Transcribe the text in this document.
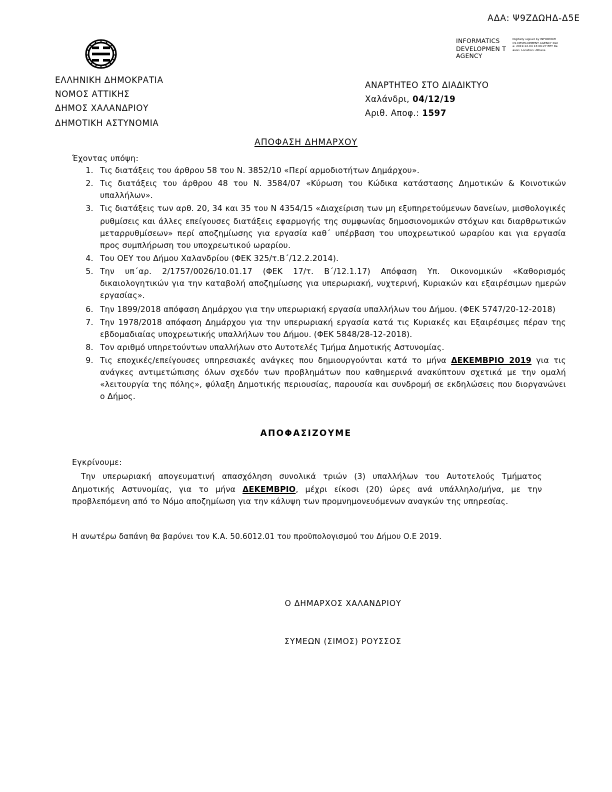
ΑΔΑ: Ψ9ΖΔΩΗΔ-Δ5Ε
INFORMATICS DEVELOPMEN T AGENCY
Digitally signed by INFORMATICS DEVELOPMENT AGENCY Date: 2019.12.04 13:06:27 EET Reason: Location: Athens
ΕΛΛΗΝΙΚΗ ΔΗΜΟΚΡΑΤΙΑ
ΝΟΜΟΣ ΑΤΤΙΚΗΣ
ΔΗΜΟΣ ΧΑΛΑΝΔΡΙΟΥ
ΔΗΜΟΤΙΚΗ ΑΣΤΥΝΟΜΙΑ
ΑΝΑΡΤΗΤΕΟ ΣΤΟ ΔΙΑΔΙΚΤΥΟ
Χαλάνδρι, 04/12/19
Αριθ. Αποφ.: 1597
ΑΠΟΦΑΣΗ ΔΗΜΑΡΧΟΥ
Έχοντας υπόψη:
1. Τις διατάξεις του άρθρου 58 του Ν. 3852/10 «Περί αρμοδιοτήτων Δημάρχου».
2. Τις διατάξεις του άρθρου 48 του Ν. 3584/07 «Κύρωση του Κώδικα κατάστασης Δημοτικών & Κοινοτικών υπαλλήλων».
3. Τις διατάξεις των αρθ. 20, 34 και 35 του Ν 4354/15 «Διαχείριση των μη εξυπηρετούμενων δανείων, μισθολογικές ρυθμίσεις και άλλες επείγουσες διατάξεις εφαρμογής της συμφωνίας δημοσιονομικών στόχων και διαρθρωτικών μεταρρυθμίσεων» περί αποζημίωσης για εργασία καθ΄ υπέρβαση του υποχρεωτικού ωραρίου και για εργασία προς συμπλήρωση του υποχρεωτικού ωραρίου.
4. Του ΟΕΥ του Δήμου Χαλανδρίου (ΦΕΚ 325/τ.Β΄/12.2.2014).
5. Την υπ΄αρ. 2/1757/0026/10.01.17 (ΦΕΚ 17/τ. Β΄/12.1.17) Απόφαση Υπ. Οικονομικών «Καθορισμός δικαιολογητικών για την καταβολή αποζημίωσης για υπερωριακή, νυχτερινή, Κυριακών και εξαιρέσιμων ημερών εργασίας».
6. Την 1899/2018 απόφαση Δημάρχου για την υπερωριακή εργασία υπαλλήλων του Δήμου. (ΦΕΚ 5747/20-12-2018)
7. Την 1978/2018 απόφαση Δημάρχου για την υπερωριακή εργασία κατά τις Κυριακές και Εξαιρέσιμες πέραν της εβδομαδιαίας υποχρεωτικής υπαλλήλων του Δήμου. (ΦΕΚ 5848/28-12-2018).
8. Τον αριθμό υπηρετούντων υπαλλήλων στο Αυτοτελές Τμήμα Δημοτικής Αστυνομίας.
9. Τις εποχικές/επείγουσες υπηρεσιακές ανάγκες που δημιουργούνται κατά το μήνα ΔΕΚΕΜΒΡΙΟ 2019 για τις ανάγκες αντιμετώπισης όλων σχεδόν των προβλημάτων που καθημερινά ανακύπτουν σχετικά με την ομαλή «λειτουργία της πόλης», φύλαξη Δημοτικής περιουσίας, παρουσία και συνδρομή σε εκδηλώσεις που διοργανώνει ο Δήμος.
ΑΠΟΦΑΣΙΖΟΥΜΕ
Εγκρίνουμε:
Την υπερωριακή απογευματινή απασχόληση συνολικά τριών (3) υπαλλήλων του Αυτοτελούς Τμήματος Δημοτικής Αστυνομίας, για το μήνα ΔΕΚΕΜΒΡΙΟ, μέχρι είκοσι (20) ώρες ανά υπάλληλο/μήνα, με την προβλεπόμενη από το Νόμο αποζημίωση για την κάλυψη των προμνημονευόμενων αναγκών της υπηρεσίας.
Η ανωτέρω δαπάνη θα βαρύνει τον Κ.Α. 50.6012.01 του προϋπολογισμού του Δήμου Ο.Ε 2019.
Ο ΔΗΜΑΡΧΟΣ ΧΑΛΑΝΔΡΙΟΥ
ΣΥΜΕΩΝ (ΣΙΜΟΣ) ΡΟΥΣΣΟΣ
